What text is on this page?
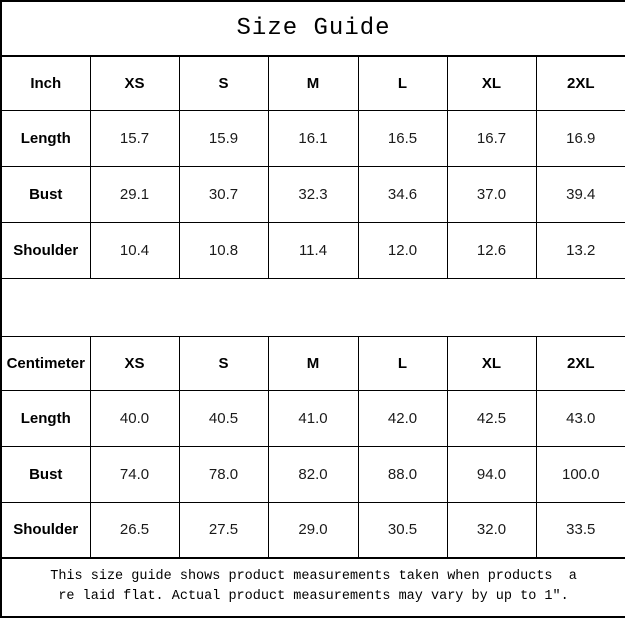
Size Guide						
Inch	XS	S	M	L	XL	2XL
Length	15.7	15.9	16.1	16.5	16.7	16.9
Bust	29.1	30.7	32.3	34.6	37.0	39.4
Shoulder	10.4	10.8	11.4	12.0	12.6	13.2

Centimeter	XS	S	M	L	XL	2XL
Length	40.0	40.5	41.0	42.0	42.5	43.0
Bust	74.0	78.0	82.0	88.0	94.0	100.0
Shoulder	26.5	27.5	29.0	30.5	32.0	33.5

This size guide shows product measurements taken when products  a
re laid flat. Actual product measurements may vary by up to 1″.						
